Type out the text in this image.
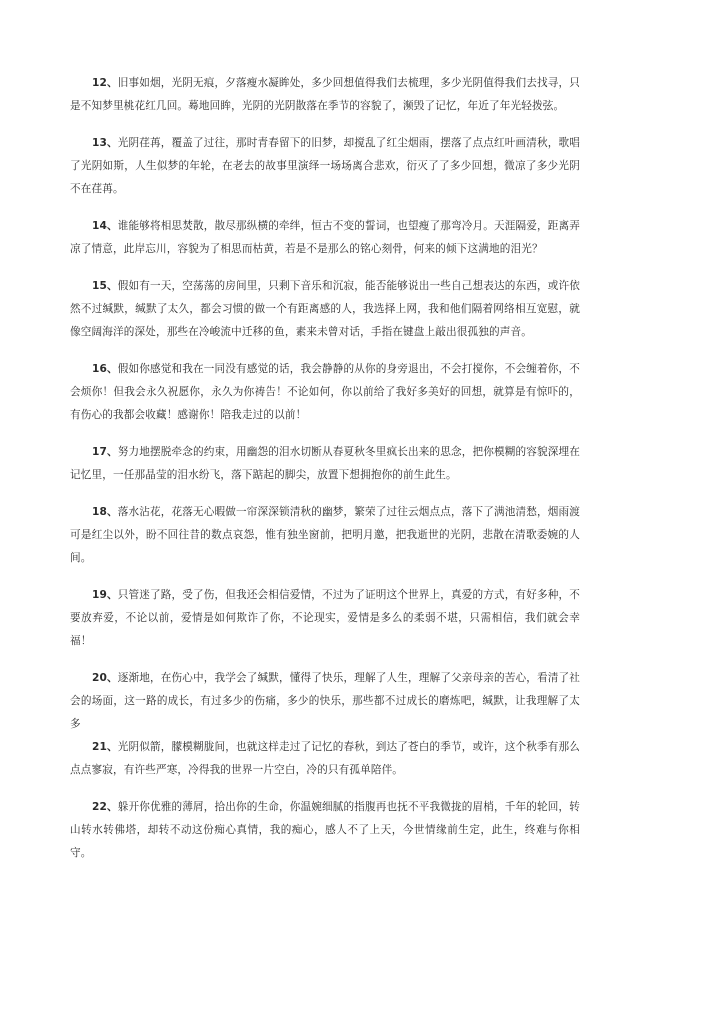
12、旧事如烟，光阴无痕，夕落瘦水凝眸处，多少回想值得我们去梳理，多少光阴值得我们去找寻，只是不知梦里桃花红几回。蓦地回眸，光阴的光阴散落在季节的容貌了，濒毁了记忆，年近了年光轻拨弦。

13、光阴荏苒，覆盖了过往，那时青春留下的旧梦，却搅乱了红尘烟雨，摆落了点点红叶画清秋，歌唱了光阴如斯，人生似梦的年轮，在老去的故事里演绎一场场离合悲欢，衍灭了了多少回想，微凉了多少光阴不在荏苒。

14、谁能够将相思焚散，散尽那纵横的牵绊，恒古不变的誓词，也望瘦了那弯冷月。天涯隔爱，距离弄凉了情意，此岸忘川，容貌为了相思而枯黄，若是不是那么的铭心刻骨，何来的倾下这满地的泪光？

15、假如有一天，空荡荡的房间里，只剩下音乐和沉寂，能否能够说出一些自己想表达的东西，或许依然不过缄默，缄默了太久，都会习惯的做一个有距离感的人，我选择上网，我和他们隔着网络相互宽慰，就像空阔海洋的深处，那些在冷峻流中迁移的鱼，素来未曾对话，手指在键盘上敲出很孤独的声音。

16、假如你感觉和我在一同没有感觉的话，我会静静的从你的身旁退出，不会打搅你，不会缠着你，不会烦你！但我会永久祝愿你，永久为你祷告！不论如何，你以前给了我好多美好的回想，就算是有惊吓的，有伤心的我都会收藏！感谢你！陪我走过的以前！

17、努力地摆脱牵念的约束，用幽怨的泪水切断从春夏秋冬里疯长出来的思念，把你模糊的容貌深埋在记忆里，一任那晶莹的泪水纷飞，落下踮起的脚尖，放置下想拥抱你的前生此生。

18、落水沾花，花落无心暇做一帘深深锁清秋的幽梦，繁荣了过往云烟点点，落下了满池清愁，烟雨渡可是红尘以外，盼不回往昔的数点哀怨，惟有独坐窗前，把明月邀，把我逝世的光阴，悲散在清歌委婉的人间。

19、只管迷了路，受了伤，但我还会相信爱情，不过为了证明这个世界上，真爱的方式，有好多种，不要放弃爱，不论以前，爱情是如何欺诈了你，不论现实，爱情是多么的柔弱不堪，只需相信，我们就会幸福！

20、逐渐地，在伤心中，我学会了缄默，懂得了快乐，理解了人生，理解了父亲母亲的苦心，看清了社会的场面，这一路的成长，有过多少的伤痛，多少的快乐，那些都不过成长的磨炼吧，缄默，让我理解了太多

21、光阴似箭，朦模糊胧间，也就这样走过了记忆的春秋，到达了苍白的季节，或许，这个秋季有那么点点寥寂，有许些严寒，冷得我的世界一片空白，冷的只有孤单陪伴。

22、躲开你优雅的薄屑，拾出你的生命，你温婉细腻的指腹再也抚不平我微拢的眉梢，千年的轮回，转山转水转佛塔，却转不动这份痴心真情，我的痴心，感人不了上天，今世情缘前生定，此生，终难与你相守。
